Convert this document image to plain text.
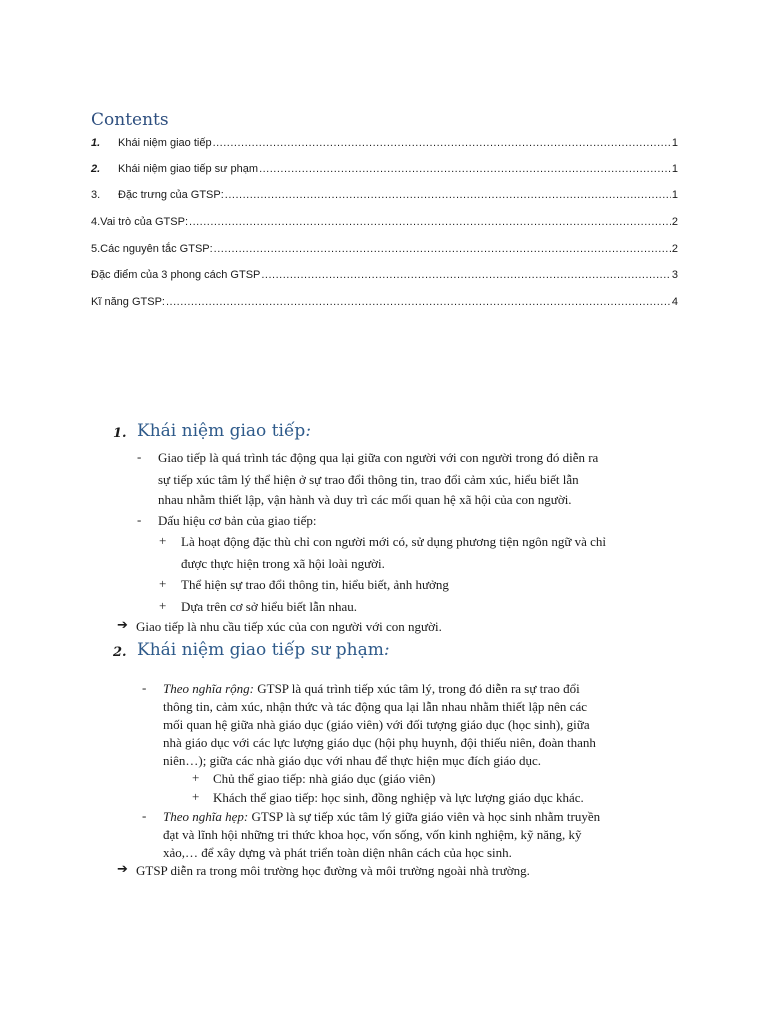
Contents
1.	Khái niệm giao tiếp .....	1
2.	Khái niệm giao tiếp sư phạm .....	1
3.	Đặc trưng của GTSP: .....	1
4.Vai trò của GTSP: .....	2
5.Các nguyên tắc GTSP: .....	2
Đặc điểm của 3 phong cách GTSP .....	3
Kĩ năng GTSP: .....	4
1. Khái niệm giao tiếp:
- Giao tiếp là quá trình tác động qua lại giữa con người với con người trong đó diễn ra
sự tiếp xúc tâm lý thể hiện ở sự trao đổi thông tin, trao đổi cảm xúc, hiểu biết lẫn
nhau nhằm thiết lập, vận hành và duy trì các mối quan hệ xã hội của con người.
- Dấu hiệu cơ bản của giao tiếp:
+ Là hoạt động đặc thù chỉ con người mới có, sử dụng phương tiện ngôn ngữ và chỉ
được thực hiện trong xã hội loài người.
+ Thể hiện sự trao đổi thông tin, hiểu biết, ảnh hưởng
+ Dựa trên cơ sở hiểu biết lẫn nhau.
➔ Giao tiếp là nhu cầu tiếp xúc của con người với con người.
2. Khái niệm giao tiếp sư phạm:
- Theo nghĩa rộng: GTSP là quá trình tiếp xúc tâm lý, trong đó diễn ra sự trao đổi
thông tin, cảm xúc, nhận thức và tác động qua lại lẫn nhau nhằm thiết lập nên các
mối quan hệ giữa nhà giáo dục (giáo viên) với đối tượng giáo dục (học sinh), giữa
nhà giáo dục với các lực lượng giáo dục (hội phụ huynh, đội thiếu niên, đoàn thanh
niên…); giữa các nhà giáo dục với nhau để thực hiện mục đích giáo dục.
+ Chủ thể giao tiếp: nhà giáo dục (giáo viên)
+ Khách thể giao tiếp: học sinh, đồng nghiệp và lực lượng giáo dục khác.
- Theo nghĩa hẹp: GTSP là sự tiếp xúc tâm lý giữa giáo viên và học sinh nhằm truyền
đạt và lĩnh hội những tri thức khoa học, vốn sống, vốn kinh nghiệm, kỹ năng, kỹ
xảo,… để xây dựng và phát triển toàn diện nhân cách của học sinh.
➔ GTSP diễn ra trong môi trường học đường và môi trường ngoài nhà trường.
